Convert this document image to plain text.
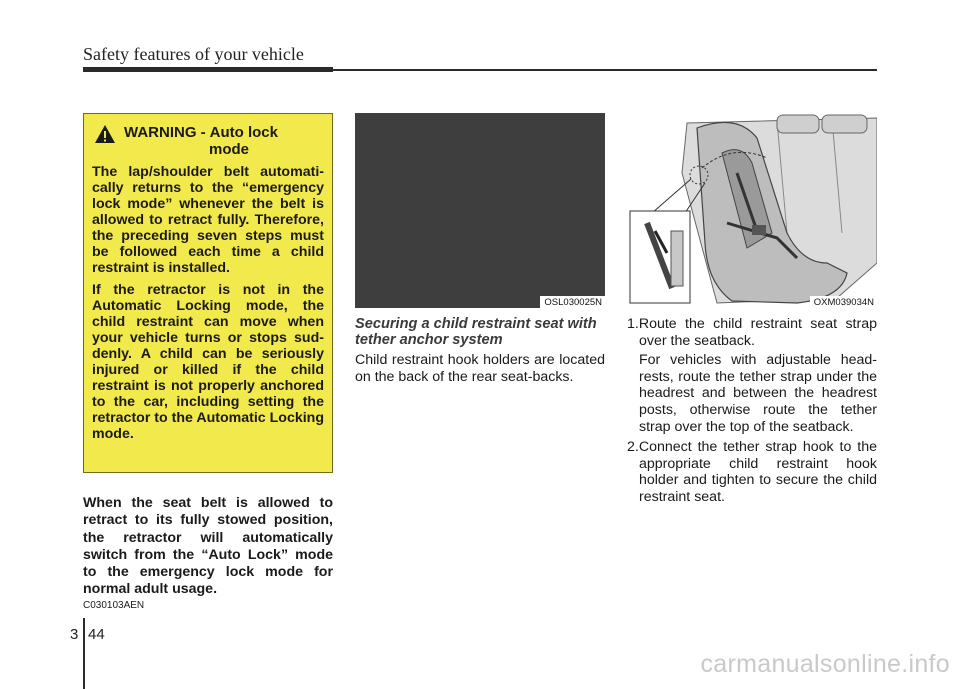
Safety features of your vehicle
WARNING - Auto lock
mode

The lap/shoulder belt automati-cally returns to the “emergency lock mode” whenever the belt is allowed to retract fully. Therefore, the preceding seven steps must be followed each time a child restraint is installed.

If the retractor is not in the Automatic Locking mode, the child restraint can move when your vehicle turns or stops sud-denly. A child can be seriously injured or killed if the child restraint is not properly anchored to the car, including setting the retractor to the Automatic Locking mode.

When the seat belt is allowed to retract to its fully stowed position, the retractor will automatically switch from the “Auto Lock” mode to the emergency lock mode for normal adult usage.
C030103AEN
OSL030025N
Securing a child restraint seat with tether anchor system
Child restraint hook holders are located on the back of the rear seat-backs.
OXM039034N
1.Route the child restraint seat strap over the seatback.
For vehicles with adjustable head-rests, route the tether strap under the headrest and between the headrest posts, otherwise route the tether strap over the top of the seatback.
2.Connect the tether strap hook to the appropriate child restraint hook holder and tighten to secure the child restraint seat.
3 44
carmanualsonline.info
